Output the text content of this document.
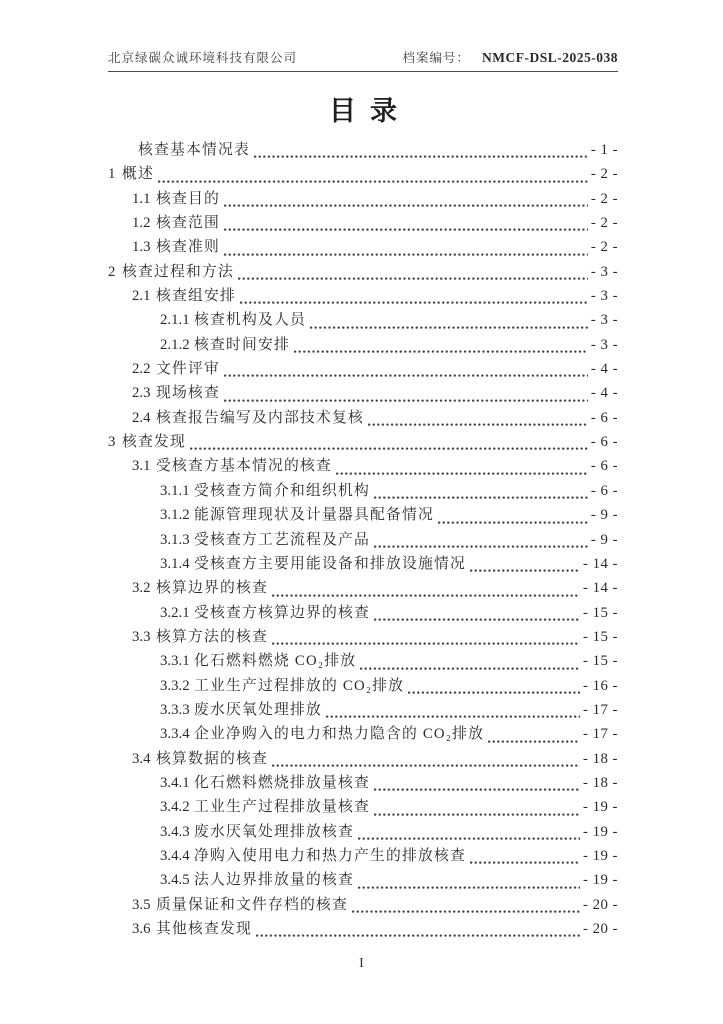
北京绿碳众诚环境科技有限公司	档案编号： NMCF-DSL-2025-038
目录
核查基本情况表	- 1 -
1 概述	- 2 -
1.1 核查目的	- 2 -
1.2 核查范围	- 2 -
1.3 核查准则	- 2 -
2 核查过程和方法	- 3 -
2.1 核查组安排	- 3 -
2.1.1 核查机构及人员	- 3 -
2.1.2 核查时间安排	- 3 -
2.2 文件评审	- 4 -
2.3 现场核查	- 4 -
2.4 核查报告编写及内部技术复核	- 6 -
3 核查发现	- 6 -
3.1 受核查方基本情况的核查	- 6 -
3.1.1 受核查方简介和组织机构	- 6 -
3.1.2 能源管理现状及计量器具配备情况	- 9 -
3.1.3 受核查方工艺流程及产品	- 9 -
3.1.4 受核查方主要用能设备和排放设施情况	- 14 -
3.2 核算边界的核查	- 14 -
3.2.1 受核查方核算边界的核查	- 15 -
3.3 核算方法的核查	- 15 -
3.3.1 化石燃料燃烧 CO₂排放	- 15 -
3.3.2 工业生产过程排放的 CO₂排放	- 16 -
3.3.3 废水厌氧处理排放	- 17 -
3.3.4 企业净购入的电力和热力隐含的 CO₂排放	- 17 -
3.4 核算数据的核查	- 18 -
3.4.1 化石燃料燃烧排放量核查	- 18 -
3.4.2 工业生产过程排放量核查	- 19 -
3.4.3 废水厌氧处理排放核查	- 19 -
3.4.4 净购入使用电力和热力产生的排放核查	- 19 -
3.4.5 法人边界排放量的核查	- 19 -
3.5 质量保证和文件存档的核查	- 20 -
3.6 其他核查发现	- 20 -
I
